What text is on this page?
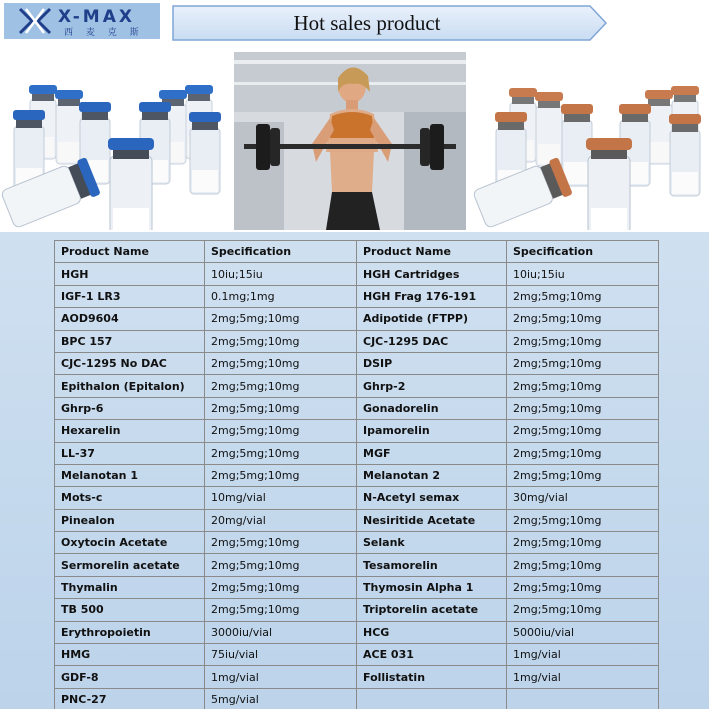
X-MAX
西 麦 克 斯	Hot sales product
Product Name	Specification	Product Name	Specification
HGH	10iu;15iu	HGH Cartridges	10iu;15iu
IGF-1 LR3	0.1mg;1mg	HGH Frag 176-191	2mg;5mg;10mg
AOD9604	2mg;5mg;10mg	Adipotide (FTPP)	2mg;5mg;10mg
BPC 157	2mg;5mg;10mg	CJC-1295 DAC	2mg;5mg;10mg
CJC-1295 No DAC	2mg;5mg;10mg	DSIP	2mg;5mg;10mg
Epithalon (Epitalon)	2mg;5mg;10mg	Ghrp-2	2mg;5mg;10mg
Ghrp-6	2mg;5mg;10mg	Gonadorelin	2mg;5mg;10mg
Hexarelin	2mg;5mg;10mg	Ipamorelin	2mg;5mg;10mg
LL-37	2mg;5mg;10mg	MGF	2mg;5mg;10mg
Melanotan 1	2mg;5mg;10mg	Melanotan 2	2mg;5mg;10mg
Mots-c	10mg/vial	N-Acetyl semax	30mg/vial
Pinealon	20mg/vial	Nesiritide Acetate	2mg;5mg;10mg
Oxytocin Acetate	2mg;5mg;10mg	Selank	2mg;5mg;10mg
Sermorelin acetate	2mg;5mg;10mg	Tesamorelin	2mg;5mg;10mg
Thymalin	2mg;5mg;10mg	Thymosin Alpha 1	2mg;5mg;10mg
TB 500	2mg;5mg;10mg	Triptorelin acetate	2mg;5mg;10mg
Erythropoietin	3000iu/vial	HCG	5000iu/vial
HMG	75iu/vial	ACE 031	1mg/vial
GDF-8	1mg/vial	Follistatin	1mg/vial
PNC-27	5mg/vial		
